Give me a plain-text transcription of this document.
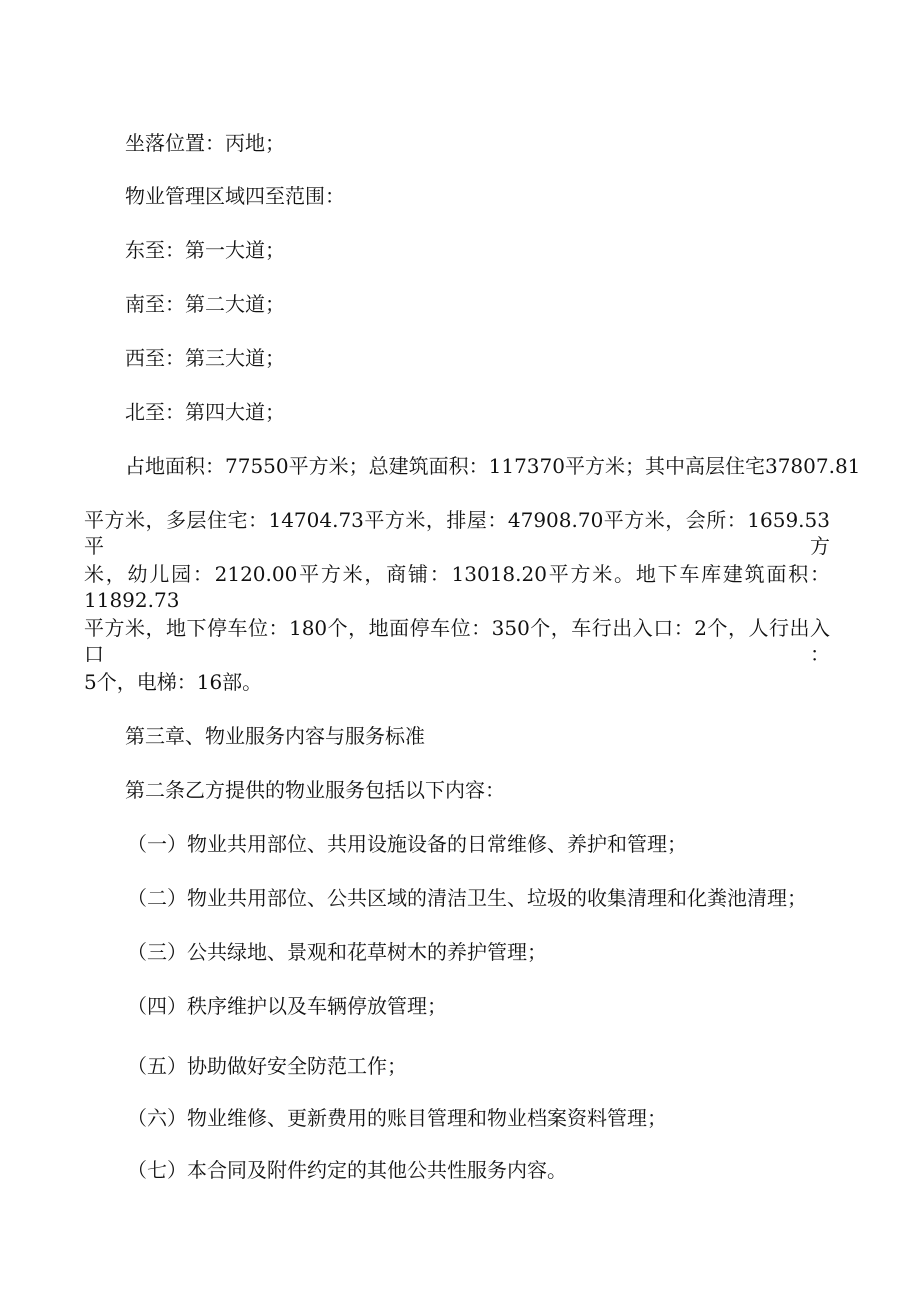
坐落位置：丙地；
物业管理区域四至范围：
东至：第一大道；
南至：第二大道；
西至：第三大道；
北至：第四大道；
占地面积：77550平方米；总建筑面积：117370平方米；其中高层住宅37807.81
平方米，多层住宅：14704.73平方米，排屋：47908.70平方米，会所：1659.53平方
米，幼儿园：2120.00平方米，商铺：13018.20平方米。地下车库建筑面积：11892.73
平方米，地下停车位：180个，地面停车位：350个，车行出入口：2个，人行出入口：
5个，电梯：16部。
第三章、物业服务内容与服务标准
第二条乙方提供的物业服务包括以下内容：
（一）物业共用部位、共用设施设备的日常维修、养护和管理；
（二）物业共用部位、公共区域的清洁卫生、垃圾的收集清理和化粪池清理；
（三）公共绿地、景观和花草树木的养护管理；
（四）秩序维护以及车辆停放管理；
（五）协助做好安全防范工作；
（六）物业维修、更新费用的账目管理和物业档案资料管理；
（七）本合同及附件约定的其他公共性服务内容。
